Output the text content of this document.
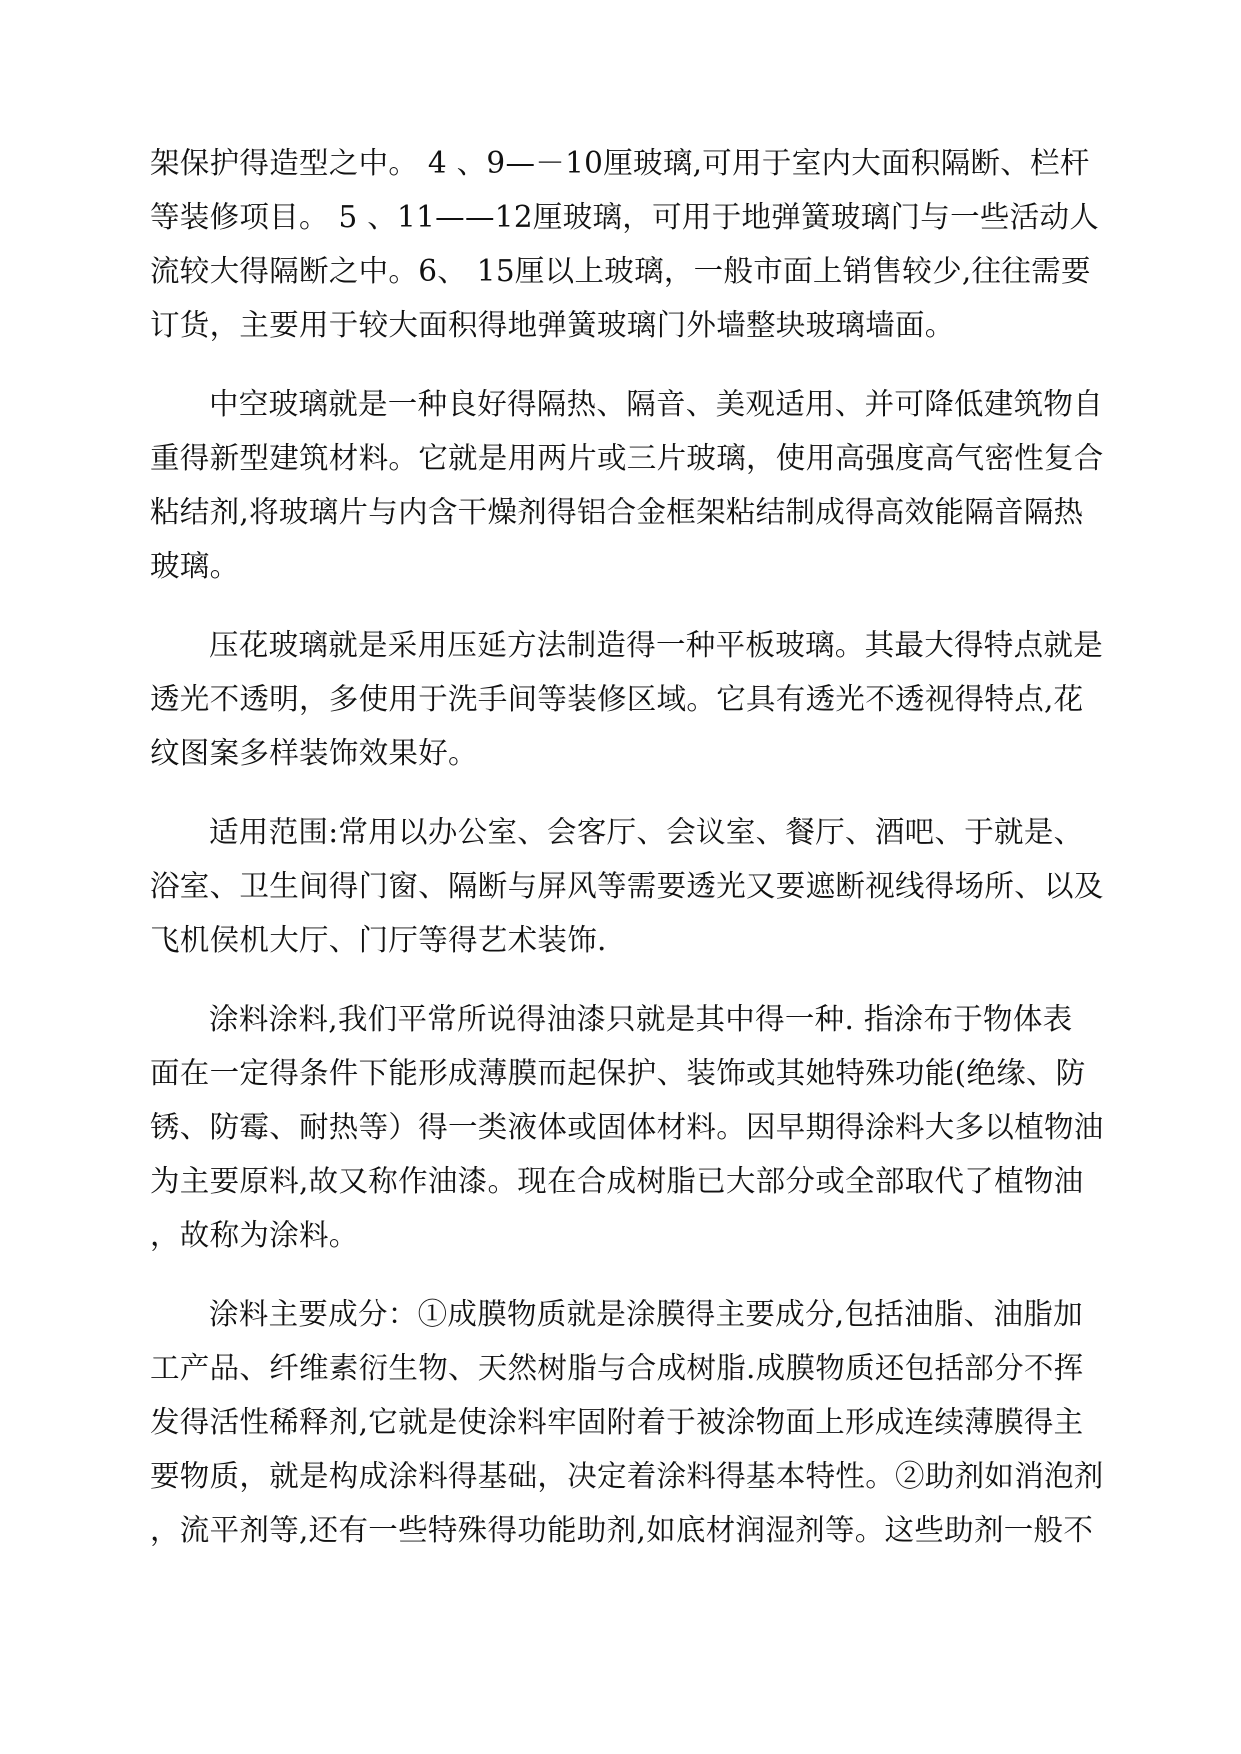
架保护得造型之中。 4 、9—－10厘玻璃,可用于室内大面积隔断、栏杆
等装修项目。 5 、11——12厘玻璃，可用于地弹簧玻璃门与一些活动人
流较大得隔断之中。6、 15厘以上玻璃，一般市面上销售较少,往往需要
订货，主要用于较大面积得地弹簧玻璃门外墙整块玻璃墙面。

中空玻璃就是一种良好得隔热、隔音、美观适用、并可降低建筑物自
重得新型建筑材料。它就是用两片或三片玻璃，使用高强度高气密性复合
粘结剂,将玻璃片与内含干燥剂得铝合金框架粘结制成得高效能隔音隔热
玻璃。

压花玻璃就是采用压延方法制造得一种平板玻璃。其最大得特点就是
透光不透明，多使用于洗手间等装修区域。它具有透光不透视得特点,花
纹图案多样装饰效果好。

适用范围:常用以办公室、会客厅、会议室、餐厅、酒吧、于就是、
浴室、卫生间得门窗、隔断与屏风等需要透光又要遮断视线得场所、以及
飞机侯机大厅、门厅等得艺术装饰.

涂料涂料,我们平常所说得油漆只就是其中得一种. 指涂布于物体表
面在一定得条件下能形成薄膜而起保护、装饰或其她特殊功能(绝缘、防
锈、防霉、耐热等）得一类液体或固体材料。因早期得涂料大多以植物油
为主要原料,故又称作油漆。现在合成树脂已大部分或全部取代了植物油
，故称为涂料。

涂料主要成分：①成膜物质就是涂膜得主要成分,包括油脂、油脂加
工产品、纤维素衍生物、天然树脂与合成树脂.成膜物质还包括部分不挥
发得活性稀释剂,它就是使涂料牢固附着于被涂物面上形成连续薄膜得主
要物质，就是构成涂料得基础，决定着涂料得基本特性。②助剂如消泡剂
，流平剂等,还有一些特殊得功能助剂,如底材润湿剂等。这些助剂一般不
